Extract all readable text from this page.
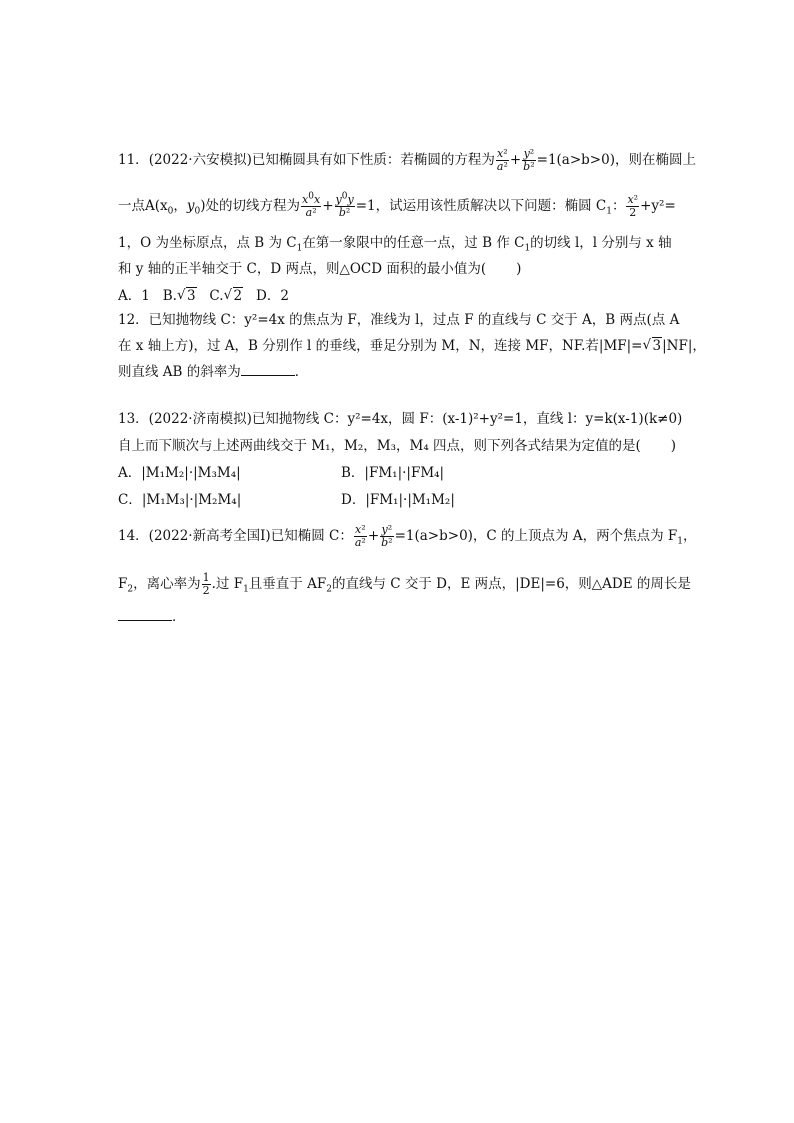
11．(2022·六安模拟)已知椭圆具有如下性质：若椭圆的方程为 $\frac{\text{x²}}{\text{a²}} + \frac{\text{y²}}{\text{b²}} =1(a>b>0)$，则在椭圆上
一点$A(x_0$，$y_0$)处的切线方程为 $\frac{x^0x}{\text{a²}} + \frac{y^0y}{\text{b²}} =1$，试运用该性质解决以下问题：椭圆 $C_1$： $\frac{\text{x²}}{2} +y^2=$
1，O 为坐标原点，点 B 为 $C_1$在第一象限中的任意一点，过 B 作 $C_1$的切线 l，l 分别与 x 轴
和 y 轴的正半轴交于 C，D 两点，则△OCD 面积的最小值为( )
A．1 B. √ 3 C. √ 2 D．2
12．已知抛物线 C：y²=4x 的焦点为 F，准线为 l，过点 F 的直线与 C 交于 A，B 两点(点 A
在 x 轴上方)，过 A，B 分别作 l 的垂线，垂足分别为 M，N，连接 MF，NF.若|MF|= √ 3|NF|，
则直线 AB 的斜率为	．
13．(2022·济南模拟)已知抛物线 C：y²=4x，圆 F：(x-1)²+y²=1，直线 l：y=k(x-1)(k≠0)
自上而下顺次与上述两曲线交于 M₁，M₂，M₃，M₄ 四点，则下列各式结果为定值的是( )
A．|M₁M₂|·|M₃M₄|	B．|FM₁|·|FM₄|
C．|M₁M₃|·|M₂M₄|	D．|FM₁|·|M₁M₂|
14．(2022·新高考全国Ⅰ)已知椭圆 C： $\frac{\text{x²}}{\text{a²}} + \frac{\text{y²}}{\text{b²}} =1(a>b>0)$，C 的上顶点为 A，两个焦点为 $F_1$，
$F_2$，离心率为 $\frac{1}{2}$ .过 $F_1$且垂直于 $AF_2$的直线与 C 交于 D，E 两点，|DE|=6，则△ADE 的周长是
．
